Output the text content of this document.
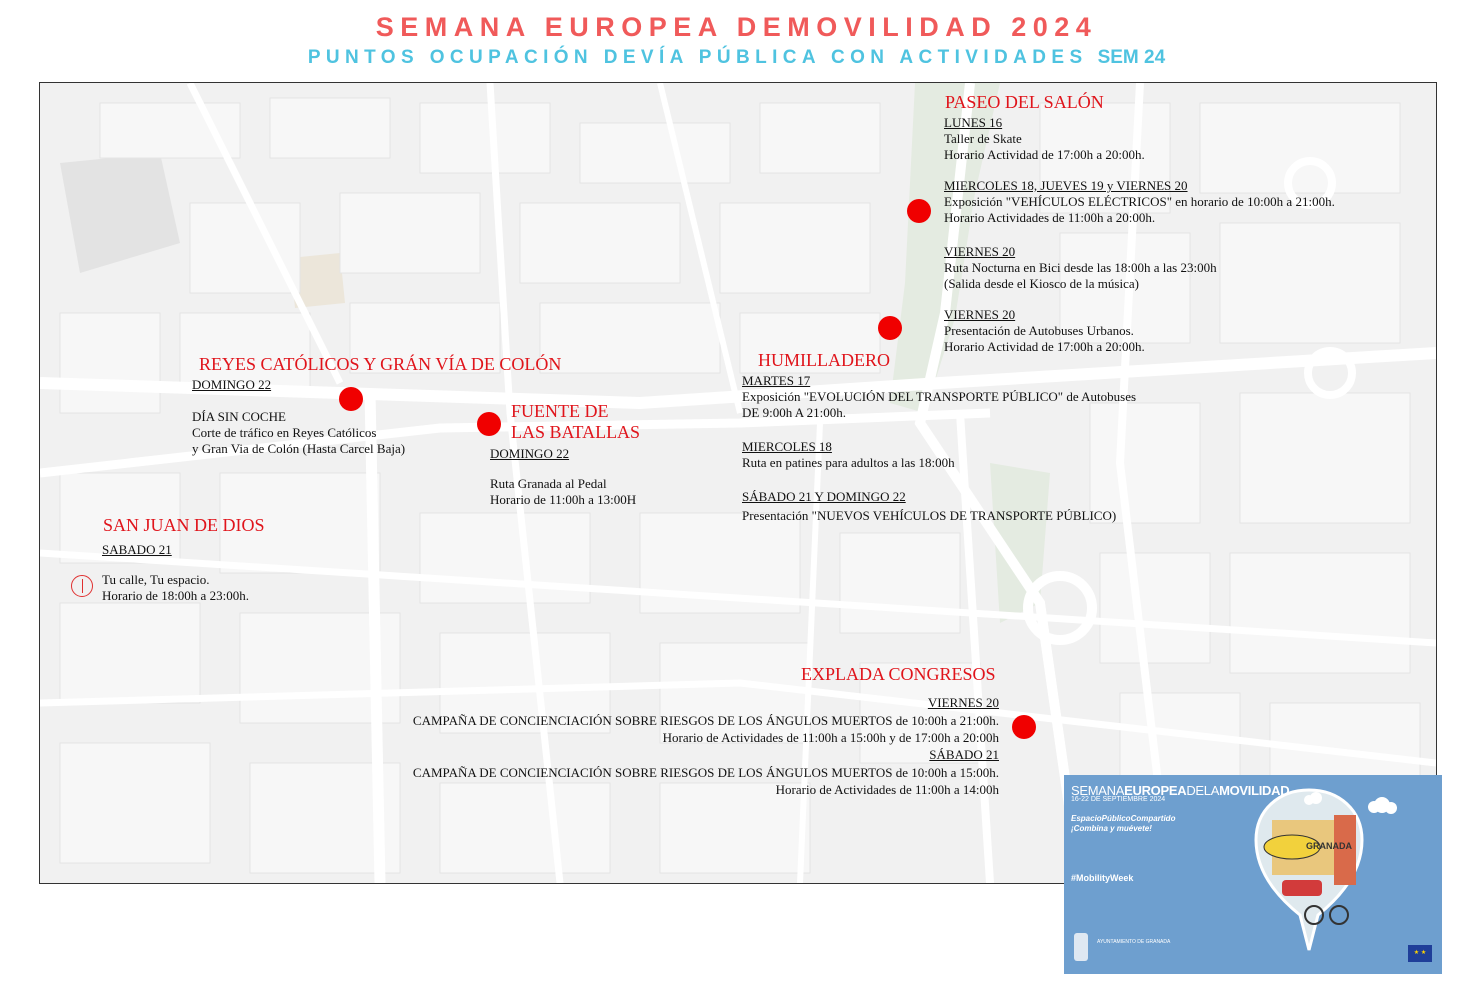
SEMANA EUROPEA DEMOVILIDAD 2024
PUNTOS OCUPACIÓN DEVÍA PÚBLICA CON ACTIVIDADES SEM 24
PASEO DEL SALÓN
LUNES 16
Taller de Skate
Horario Actividad de 17:00h a 20:00h.
MIERCOLES 18, JUEVES 19 y VIERNES 20
Exposición "VEHÍCULOS ELÉCTRICOS" en horario de 10:00h a 21:00h.
Horario Actividades de 11:00h a 20:00h.
VIERNES 20
Ruta Nocturna en Bici desde las 18:00h a las 23:00h
(Salida desde el Kiosco de la música)
VIERNES 20
Presentación de Autobuses Urbanos.
Horario Actividad de 17:00h a 20:00h.
HUMILLADERO
MARTES 17
Exposición "EVOLUCIÓN DEL TRANSPORTE PÚBLICO" de Autobuses
DE 9:00h A 21:00h.
MIERCOLES 18
Ruta en patines para adultos a las 18:00h
SÁBADO 21 Y DOMINGO 22
Presentación "NUEVOS VEHÍCULOS DE TRANSPORTE PÚBLICO)
REYES CATÓLICOS Y GRÁN VÍA DE COLÓN
DOMINGO 22
DÍA SIN COCHE
Corte de tráfico en Reyes Católicos
y Gran Via de Colón (Hasta Carcel Baja)
FUENTE DE
LAS BATALLAS
DOMINGO 22
Ruta Granada al Pedal
Horario de 11:00h a 13:00H
SAN JUAN DE DIOS
SABADO 21
Tu calle, Tu espacio.
Horario de 18:00h a 23:00h.
EXPLADA CONGRESOS
VIERNES 20
CAMPAÑA DE CONCIENCIACIÓN SOBRE RIESGOS DE LOS ÁNGULOS MUERTOS de 10:00h a 21:00h.
Horario de Actividades de 11:00h a 15:00h y de 17:00h a 20:00h
SÁBADO 21
CAMPAÑA DE CONCIENCIACIÓN SOBRE RIESGOS DE LOS ÁNGULOS MUERTOS de 10:00h a 15:00h.
Horario de Actividades de 11:00h a 14:00h	SEMANAEUROPEADELAMOVILIDAD
16-22 DE SEPTIEMBRE 2024
EspacioPúblicoCompartido
¡Combina y muévete!
#MobilityWeek
GRANADA
AYUNTAMIENTO DE GRANADA
★ ★
